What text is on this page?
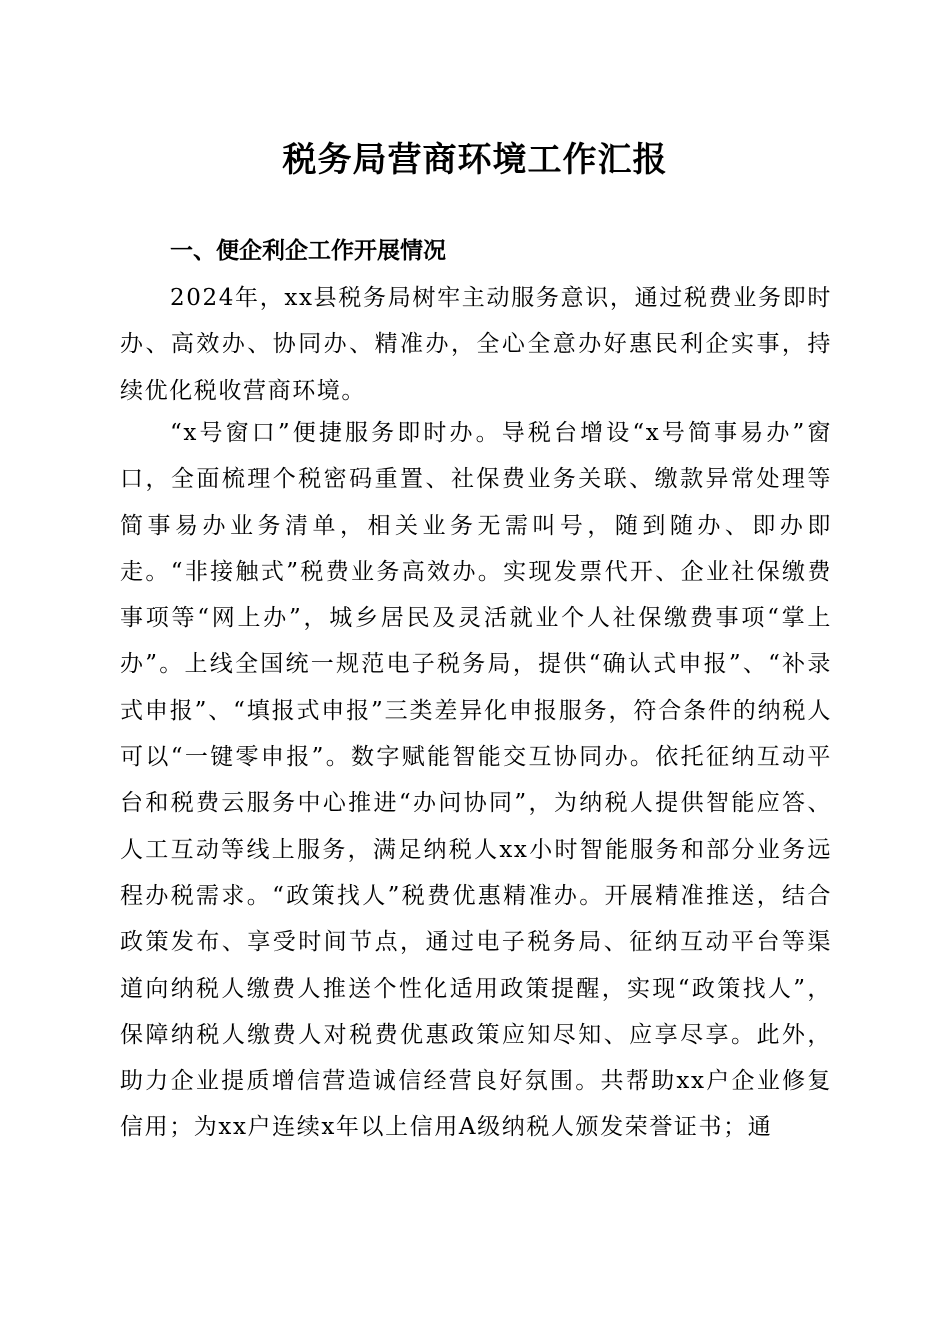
税务局营商环境工作汇报
一、便企利企工作开展情况

2024年，xx县税务局树牢主动服务意识，通过税费业务即时办、高效办、协同办、精准办，全心全意办好惠民利企实事，持续优化税收营商环境。

“x号窗口”便捷服务即时办。导税台增设“x号简事易办”窗口，全面梳理个税密码重置、社保费业务关联、缴款异常处理等简事易办业务清单，相关业务无需叫号，随到随办、即办即走。“非接触式”税费业务高效办。实现发票代开、企业社保缴费事项等“网上办”，城乡居民及灵活就业个人社保缴费事项“掌上办”。上线全国统一规范电子税务局，提供“确认式申报”、“补录式申报”、“填报式申报”三类差异化申报服务，符合条件的纳税人可以“一键零申报”。数字赋能智能交互协同办。依托征纳互动平台和税费云服务中心推进“办问协同”，为纳税人提供智能应答、人工互动等线上服务，满足纳税人xx小时智能服务和部分业务远程办税需求。“政策找人”税费优惠精准办。开展精准推送，结合政策发布、享受时间节点，通过电子税务局、征纳互动平台等渠道向纳税人缴费人推送个性化适用政策提醒，实现“政策找人”，保障纳税人缴费人对税费优惠政策应知尽知、应享尽享。此外，助力企业提质增信营造诚信经营良好氛围。共帮助xx户企业修复信用；为xx户连续x年以上信用A级纳税人颁发荣誉证书；通
